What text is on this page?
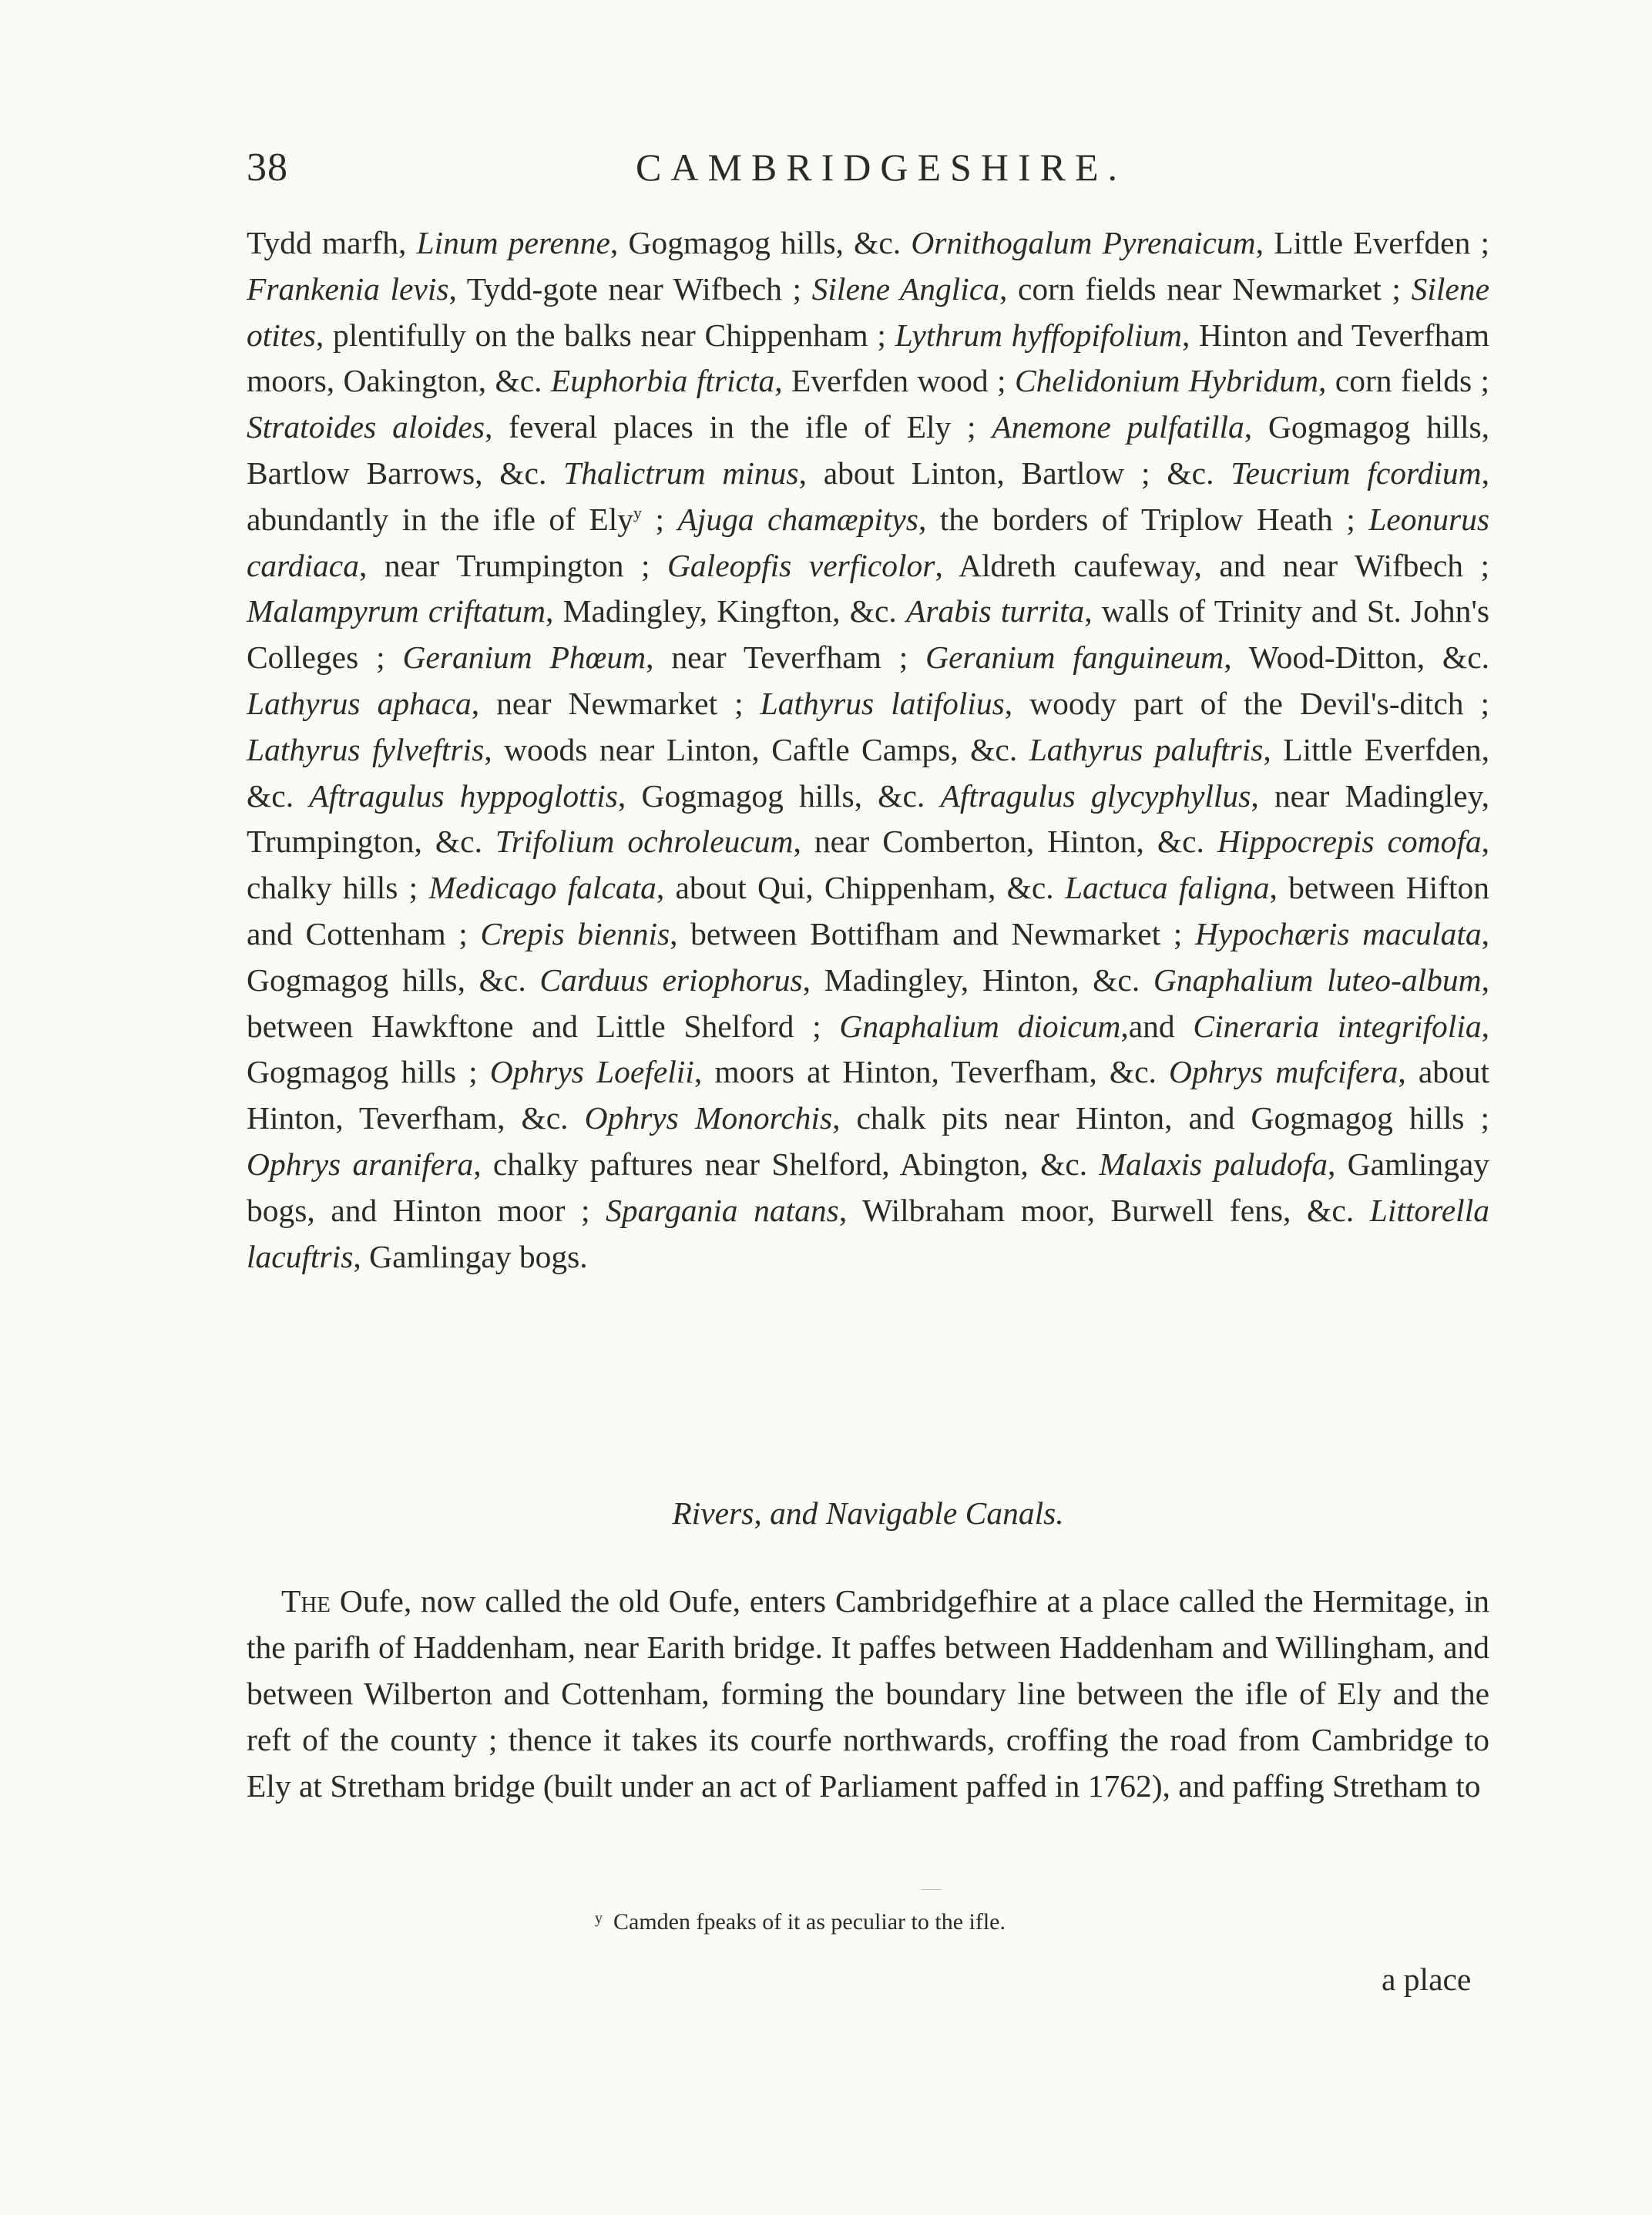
38	CAMBRIDGESHIRE.

Tydd marfh, Linum perenne, Gogmagog hills, &c. Ornithogalum Pyrenaicum, Little Everfden ; Frankenia levis, Tydd-gote near Wifbech ; Silene Anglica, corn fields near Newmarket ; Silene otites, plentifully on the balks near Chippenham ; Lythrum hyffopifolium, Hinton and Teverfham moors, Oakington, &c. Euphorbia ftricta, Everfden wood ; Chelidonium Hybridum, corn fields ; Stratoides aloides, feveral places in the ifle of Ely ; Anemone pulfatilla, Gogmagog hills, Bartlow Barrows, &c. Thalictrum minus, about Linton, Bartlow ; &c. Teucrium fcordium, abundantly in the ifle of Ely$^y$ ; Ajuga chamæpitys, the borders of Triplow Heath ; Leonurus cardiaca, near Trumpington ; Galeopfis verficolor, Aldreth caufeway, and near Wifbech ; Malampyrum criftatum, Madingley, Kingfton, &c. Arabis turrita, walls of Trinity and St. John's Colleges ; Geranium Phœum, near Teverfham ; Geranium fanguineum, Wood-Ditton, &c. Lathyrus aphaca, near Newmarket ; Lathyrus latifolius, woody part of the Devil's-ditch ; Lathyrus fylveftris, woods near Linton, Caftle Camps, &c. Lathyrus paluftris, Little Everfden, &c. Aftragulus hyppoglottis, Gogmagog hills, &c. Aftragulus glycyphyllus, near Madingley, Trumpington, &c. Trifolium ochroleucum, near Comberton, Hinton, &c. Hippocrepis comofa, chalky hills ; Medicago falcata, about Qui, Chippenham, &c. Lactuca faligna, between Hifton and Cottenham ; Crepis biennis, between Bottifham and Newmarket ; Hypochæris maculata, Gogmagog hills, &c. Carduus eriophorus, Madingley, Hinton, &c. Gnaphalium luteo-album, between Hawkftone and Little Shelford ; Gnaphalium dioicum,and Cineraria integrifolia, Gogmagog hills ; Ophrys Loefelii, moors at Hinton, Teverfham, &c. Ophrys mufcifera, about Hinton, Teverfham, &c. Ophrys Monorchis, chalk pits near Hinton, and Gogmagog hills ; Ophrys aranifera, chalky paftures near Shelford, Abington, &c. Malaxis paludofa, Gamlingay bogs, and Hinton moor ; Spargania natans, Wilbraham moor, Burwell fens, &c. Littorella lacuftris, Gamlingay bogs.

Rivers, and Navigable Canals.

The Oufe, now called the old Oufe, enters Cambridgefhire at a place called the Hermitage, in the parifh of Haddenham, near Earith bridge. It paffes between Haddenham and Willingham, and between Wilberton and Cottenham, forming the boundary line between the ifle of Ely and the reft of the county ; thence it takes its courfe northwards, croffing the road from Cambridge to Ely at Stretham bridge (built under an act of Parliament paffed in 1762), and paffing Stretham to

$^y$ Camden fpeaks of it as peculiar to the ifle.
a place
